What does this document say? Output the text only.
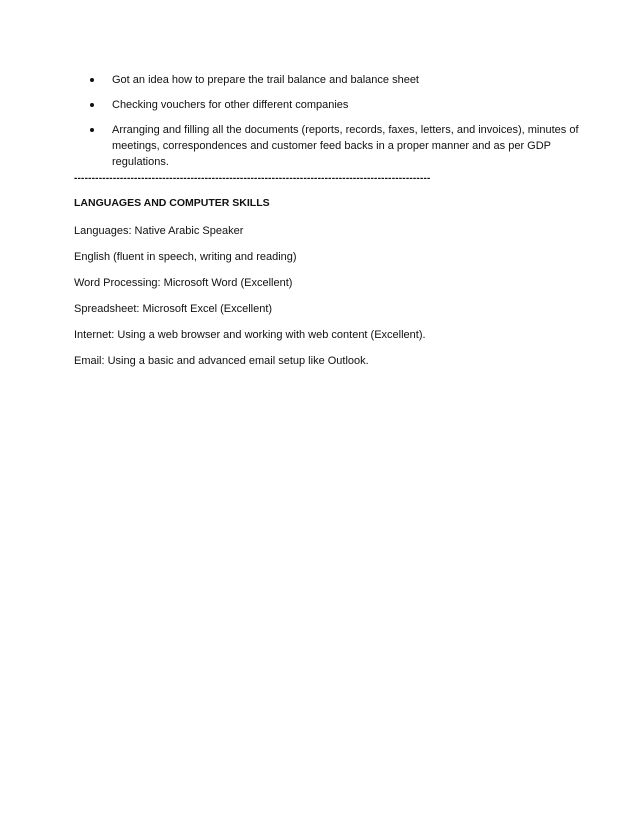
Got an idea how to prepare the trail balance and balance sheet
Checking vouchers for other different companies
Arranging and filling all the documents (reports, records, faxes, letters, and invoices), minutes of meetings, correspondences and customer feed backs in a proper manner and as per GDP regulations.
-----------------------------------------------------------------------------------------------------
LANGUAGES AND COMPUTER SKILLS
Languages: Native Arabic Speaker
English (fluent in speech, writing and reading)
Word Processing: Microsoft Word (Excellent)
Spreadsheet: Microsoft Excel (Excellent)
Internet: Using a web browser and working with web content (Excellent).
Email: Using a basic and advanced email setup like Outlook.
